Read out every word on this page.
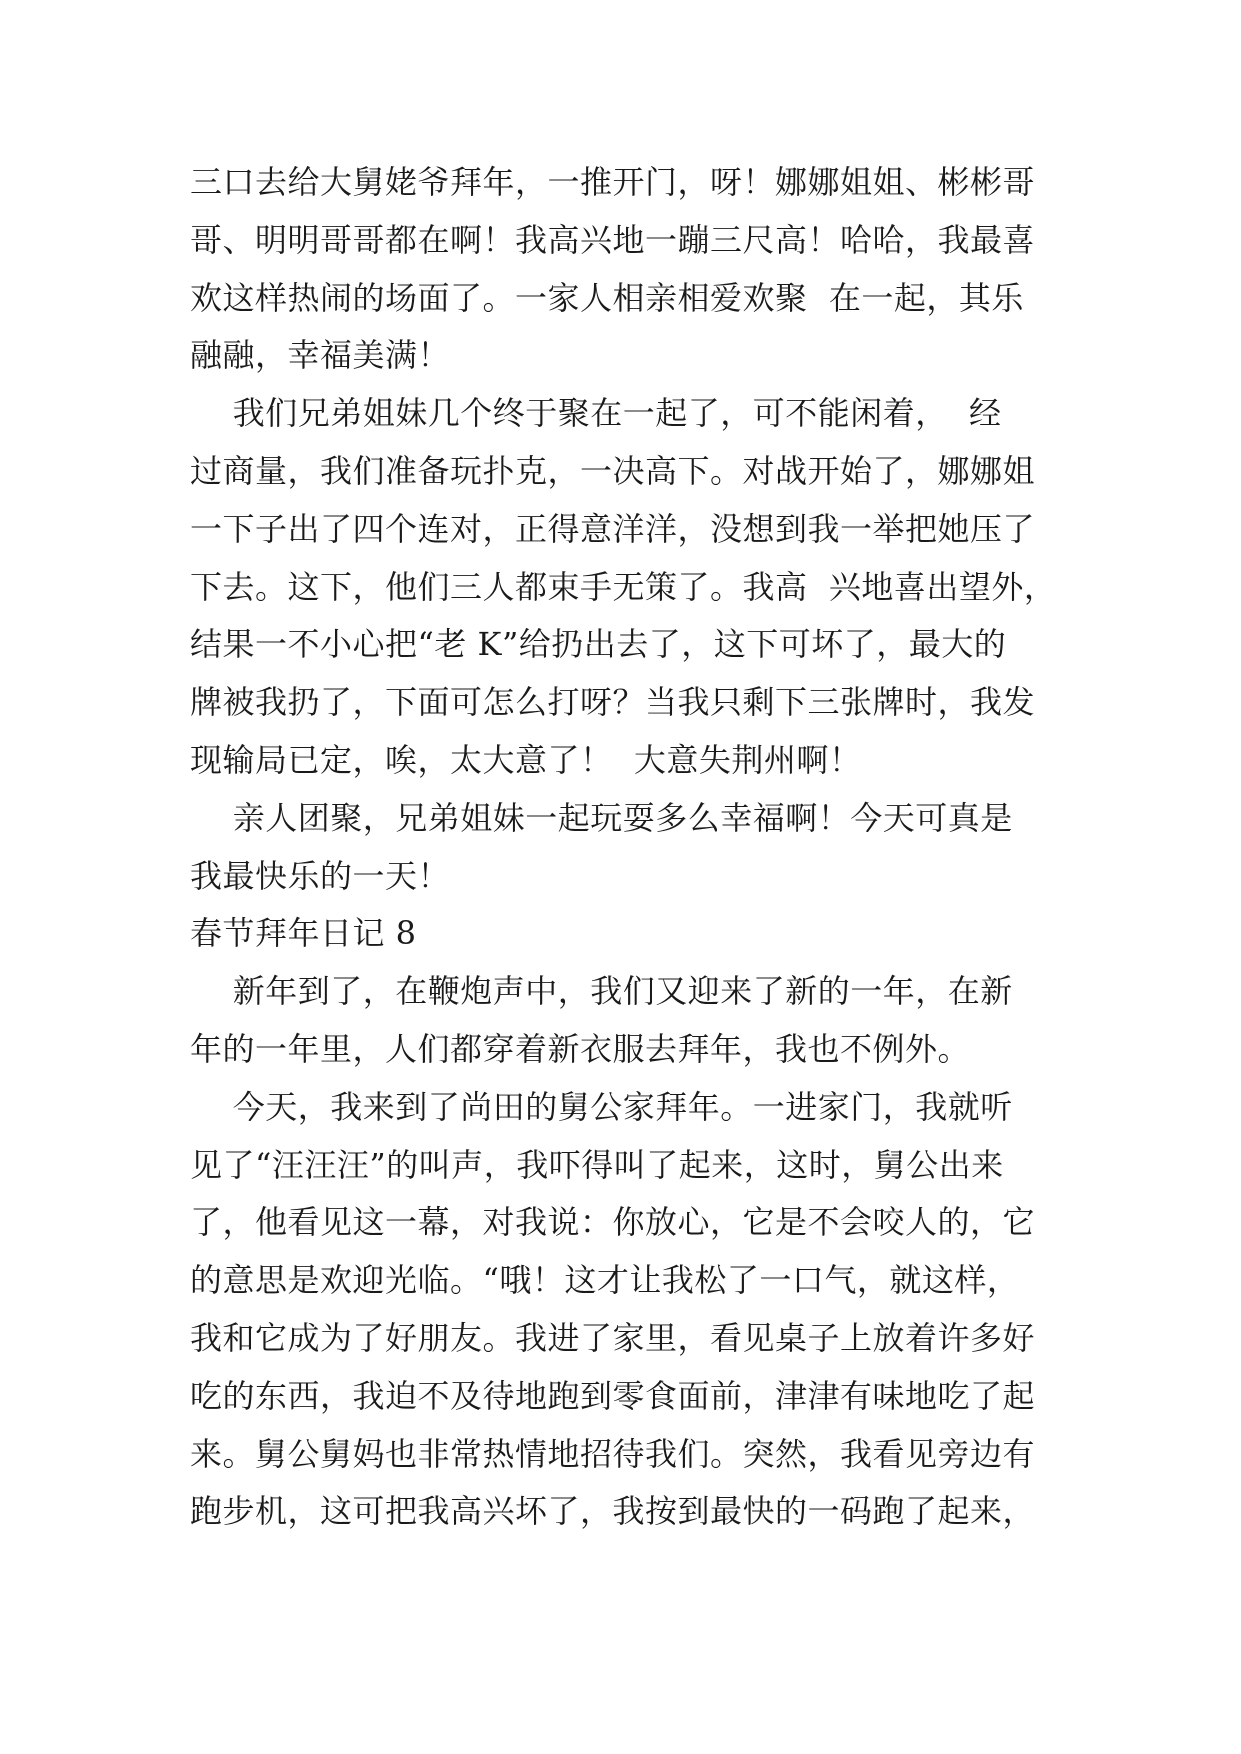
三口去给大舅姥爷拜年，一推开门，呀！娜娜姐姐、彬彬哥
哥、明明哥哥都在啊！我高兴地一蹦三尺高！哈哈，我最喜
欢这样热闹的场面了。一家人相亲相爱欢聚  在一起，其乐
融融，幸福美满！
我们兄弟姐妹几个终于聚在一起了，可不能闲着，  经
过商量，我们准备玩扑克，一决高下。对战开始了，娜娜姐
一下子出了四个连对，正得意洋洋，没想到我一举把她压了
下去。这下，他们三人都束手无策了。我高  兴地喜出望外，
结果一不小心把“老 K”给扔出去了，这下可坏了，最大的
牌被我扔了，下面可怎么打呀？当我只剩下三张牌时，我发
现输局已定，唉，太大意了！  大意失荆州啊！
亲人团聚，兄弟姐妹一起玩耍多么幸福啊！今天可真是
我最快乐的一天！
春节拜年日记 8
新年到了，在鞭炮声中，我们又迎来了新的一年，在新
年的一年里，人们都穿着新衣服去拜年，我也不例外。
今天，我来到了尚田的舅公家拜年。一进家门，我就听
见了“汪汪汪”的叫声，我吓得叫了起来，这时，舅公出来
了，他看见这一幕，对我说：你放心，它是不会咬人的，它
的意思是欢迎光临。“哦！这才让我松了一口气，就这样，
我和它成为了好朋友。我进了家里，看见桌子上放着许多好
吃的东西，我迫不及待地跑到零食面前，津津有味地吃了起
来。舅公舅妈也非常热情地招待我们。突然，我看见旁边有
跑步机，这可把我高兴坏了，我按到最快的一码跑了起来，
